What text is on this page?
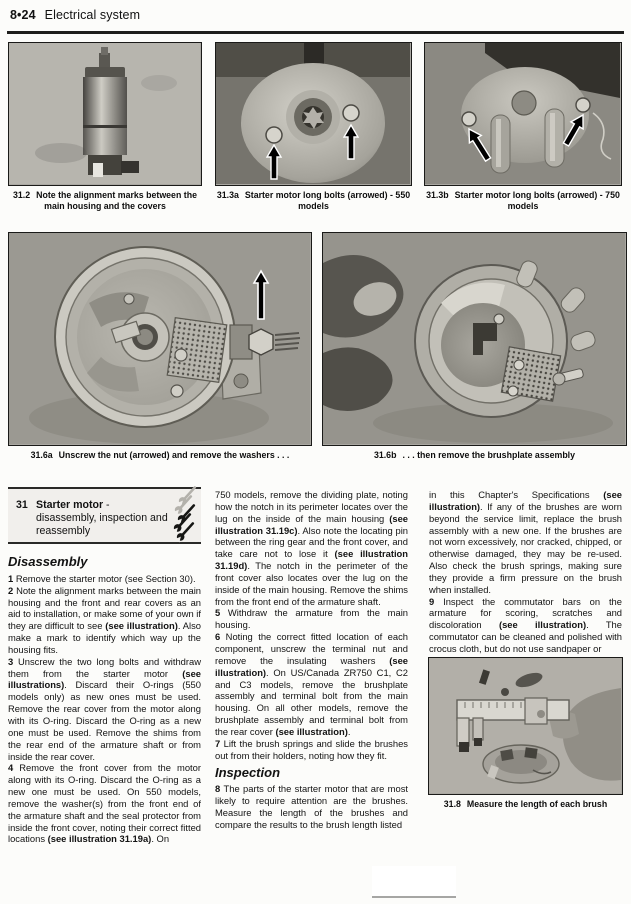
8•24 Electrical system
31.2 Note the alignment marks between the main housing and the covers
31.3a Starter motor long bolts (arrowed) - 550 models
31.3b Starter motor long bolts (arrowed) - 750 models
31.6a Unscrew the nut (arrowed) and remove the washers . . .	31.6b . . . then remove the brushplate assembly
31 Starter motor - disassembly, inspection and reassembly
Disassembly

1 Remove the starter motor (see Section 30).

2 Note the alignment marks between the main housing and the front and rear covers as an aid to installation, or make some of your own if they are difficult to see (see illustration). Also make a mark to identify which way up the housing fits.

3 Unscrew the two long bolts and withdraw them from the starter motor (see illustrations). Discard their O-rings (550 models only) as new ones must be used. Remove the rear cover from the motor along with its O-ring. Discard the O-ring as a new one must be used. Remove the shims from the rear end of the armature shaft or from inside the rear cover.

4 Remove the front cover from the motor along with its O-ring. Discard the O-ring as a new one must be used. On 550 models, remove the washer(s) from the front end of the armature shaft and the seal protector from inside the front cover, noting their correct fitted locations (see illustration 31.19a). On

750 models, remove the dividing plate, noting how the notch in its perimeter locates over the lug on the inside of the main housing (see illustration 31.19c). Also note the locating pin between the ring gear and the front cover, and take care not to lose it (see illustration 31.19d). The notch in the perimeter of the front cover also locates over the lug on the inside of the main housing. Remove the shims from the front end of the armature shaft.

5 Withdraw the armature from the main housing.

6 Noting the correct fitted location of each component, unscrew the terminal nut and remove the insulating washers (see illustration). On US/Canada ZR750 C1, C2 and C3 models, remove the brushplate assembly and terminal bolt from the main housing. On all other models, remove the brushplate assembly and terminal bolt from the rear cover (see illustration).

7 Lift the brush springs and slide the brushes out from their holders, noting how they fit.

Inspection

8 The parts of the starter motor that are most likely to require attention are the brushes. Measure the length of the brushes and compare the results to the brush length listed

in this Chapter's Specifications (see illustration). If any of the brushes are worn beyond the service limit, replace the brush assembly with a new one. If the brushes are not worn excessively, nor cracked, chipped, or otherwise damaged, they may be re-used. Also check the brush springs, making sure they provide a firm pressure on the brush when installed.

9 Inspect the commutator bars on the armature for scoring, scratches and discoloration (see illustration). The commutator can be cleaned and polished with crocus cloth, but do not use sandpaper or

31.8 Measure the length of each brush
